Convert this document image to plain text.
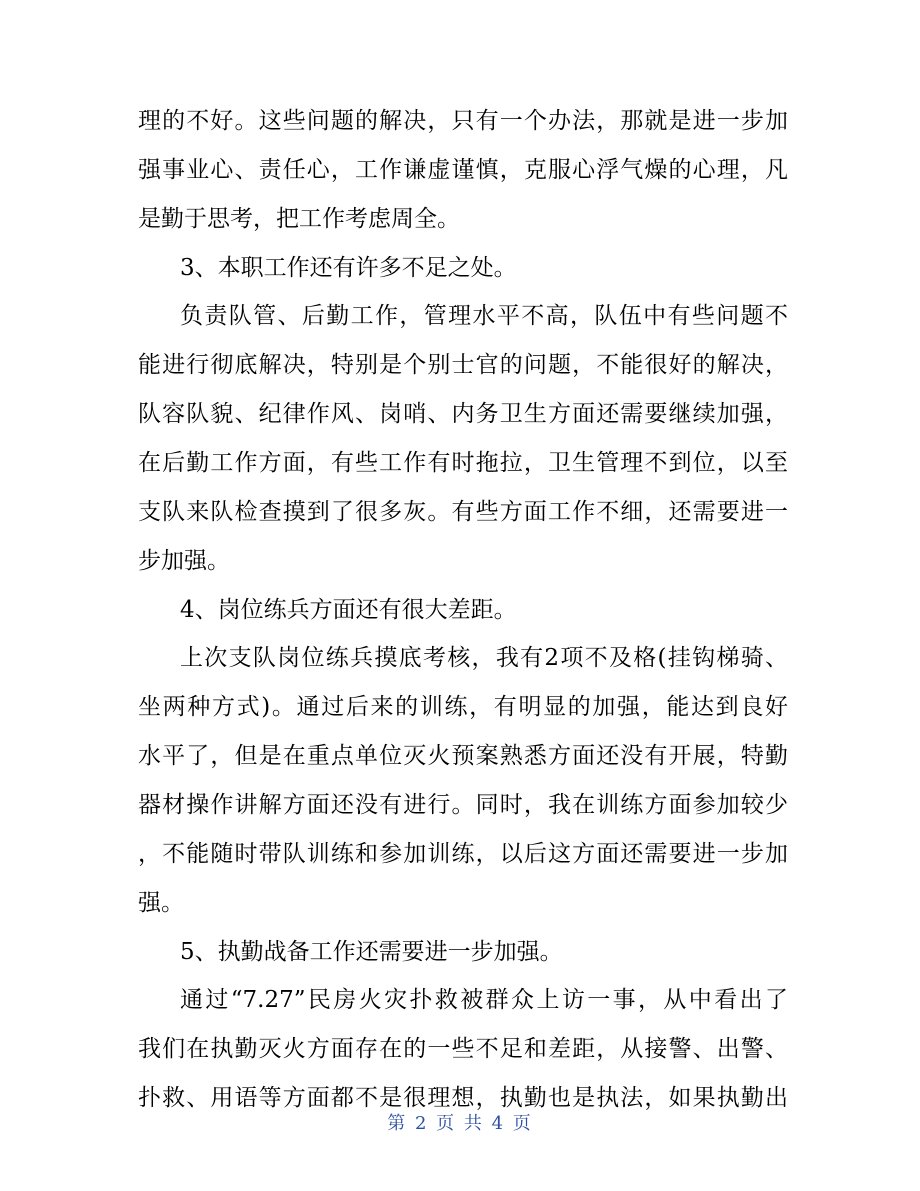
理的不好。这些问题的解决，只有一个办法，那就是进一步加
强事业心、责任心，工作谦虚谨慎，克服心浮气燥的心理，凡
是勤于思考，把工作考虑周全。
3、本职工作还有许多不足之处。
负责队管、后勤工作，管理水平不高，队伍中有些问题不
能进行彻底解决，特别是个别士官的问题，不能很好的解决，
队容队貌、纪律作风、岗哨、内务卫生方面还需要继续加强，
在后勤工作方面，有些工作有时拖拉，卫生管理不到位，以至
支队来队检查摸到了很多灰。有些方面工作不细，还需要进一
步加强。
4、岗位练兵方面还有很大差距。
上次支队岗位练兵摸底考核，我有2项不及格(挂钩梯骑、
坐两种方式)。通过后来的训练，有明显的加强，能达到良好
水平了，但是在重点单位灭火预案熟悉方面还没有开展，特勤
器材操作讲解方面还没有进行。同时，我在训练方面参加较少
，不能随时带队训练和参加训练，以后这方面还需要进一步加
强。
5、执勤战备工作还需要进一步加强。
通过“7.27”民房火灾扑救被群众上访一事，从中看出了
我们在执勤灭火方面存在的一些不足和差距，从接警、出警、
扑救、用语等方面都不是很理想，执勤也是执法，如果执勤出
第 2 页 共 4 页
